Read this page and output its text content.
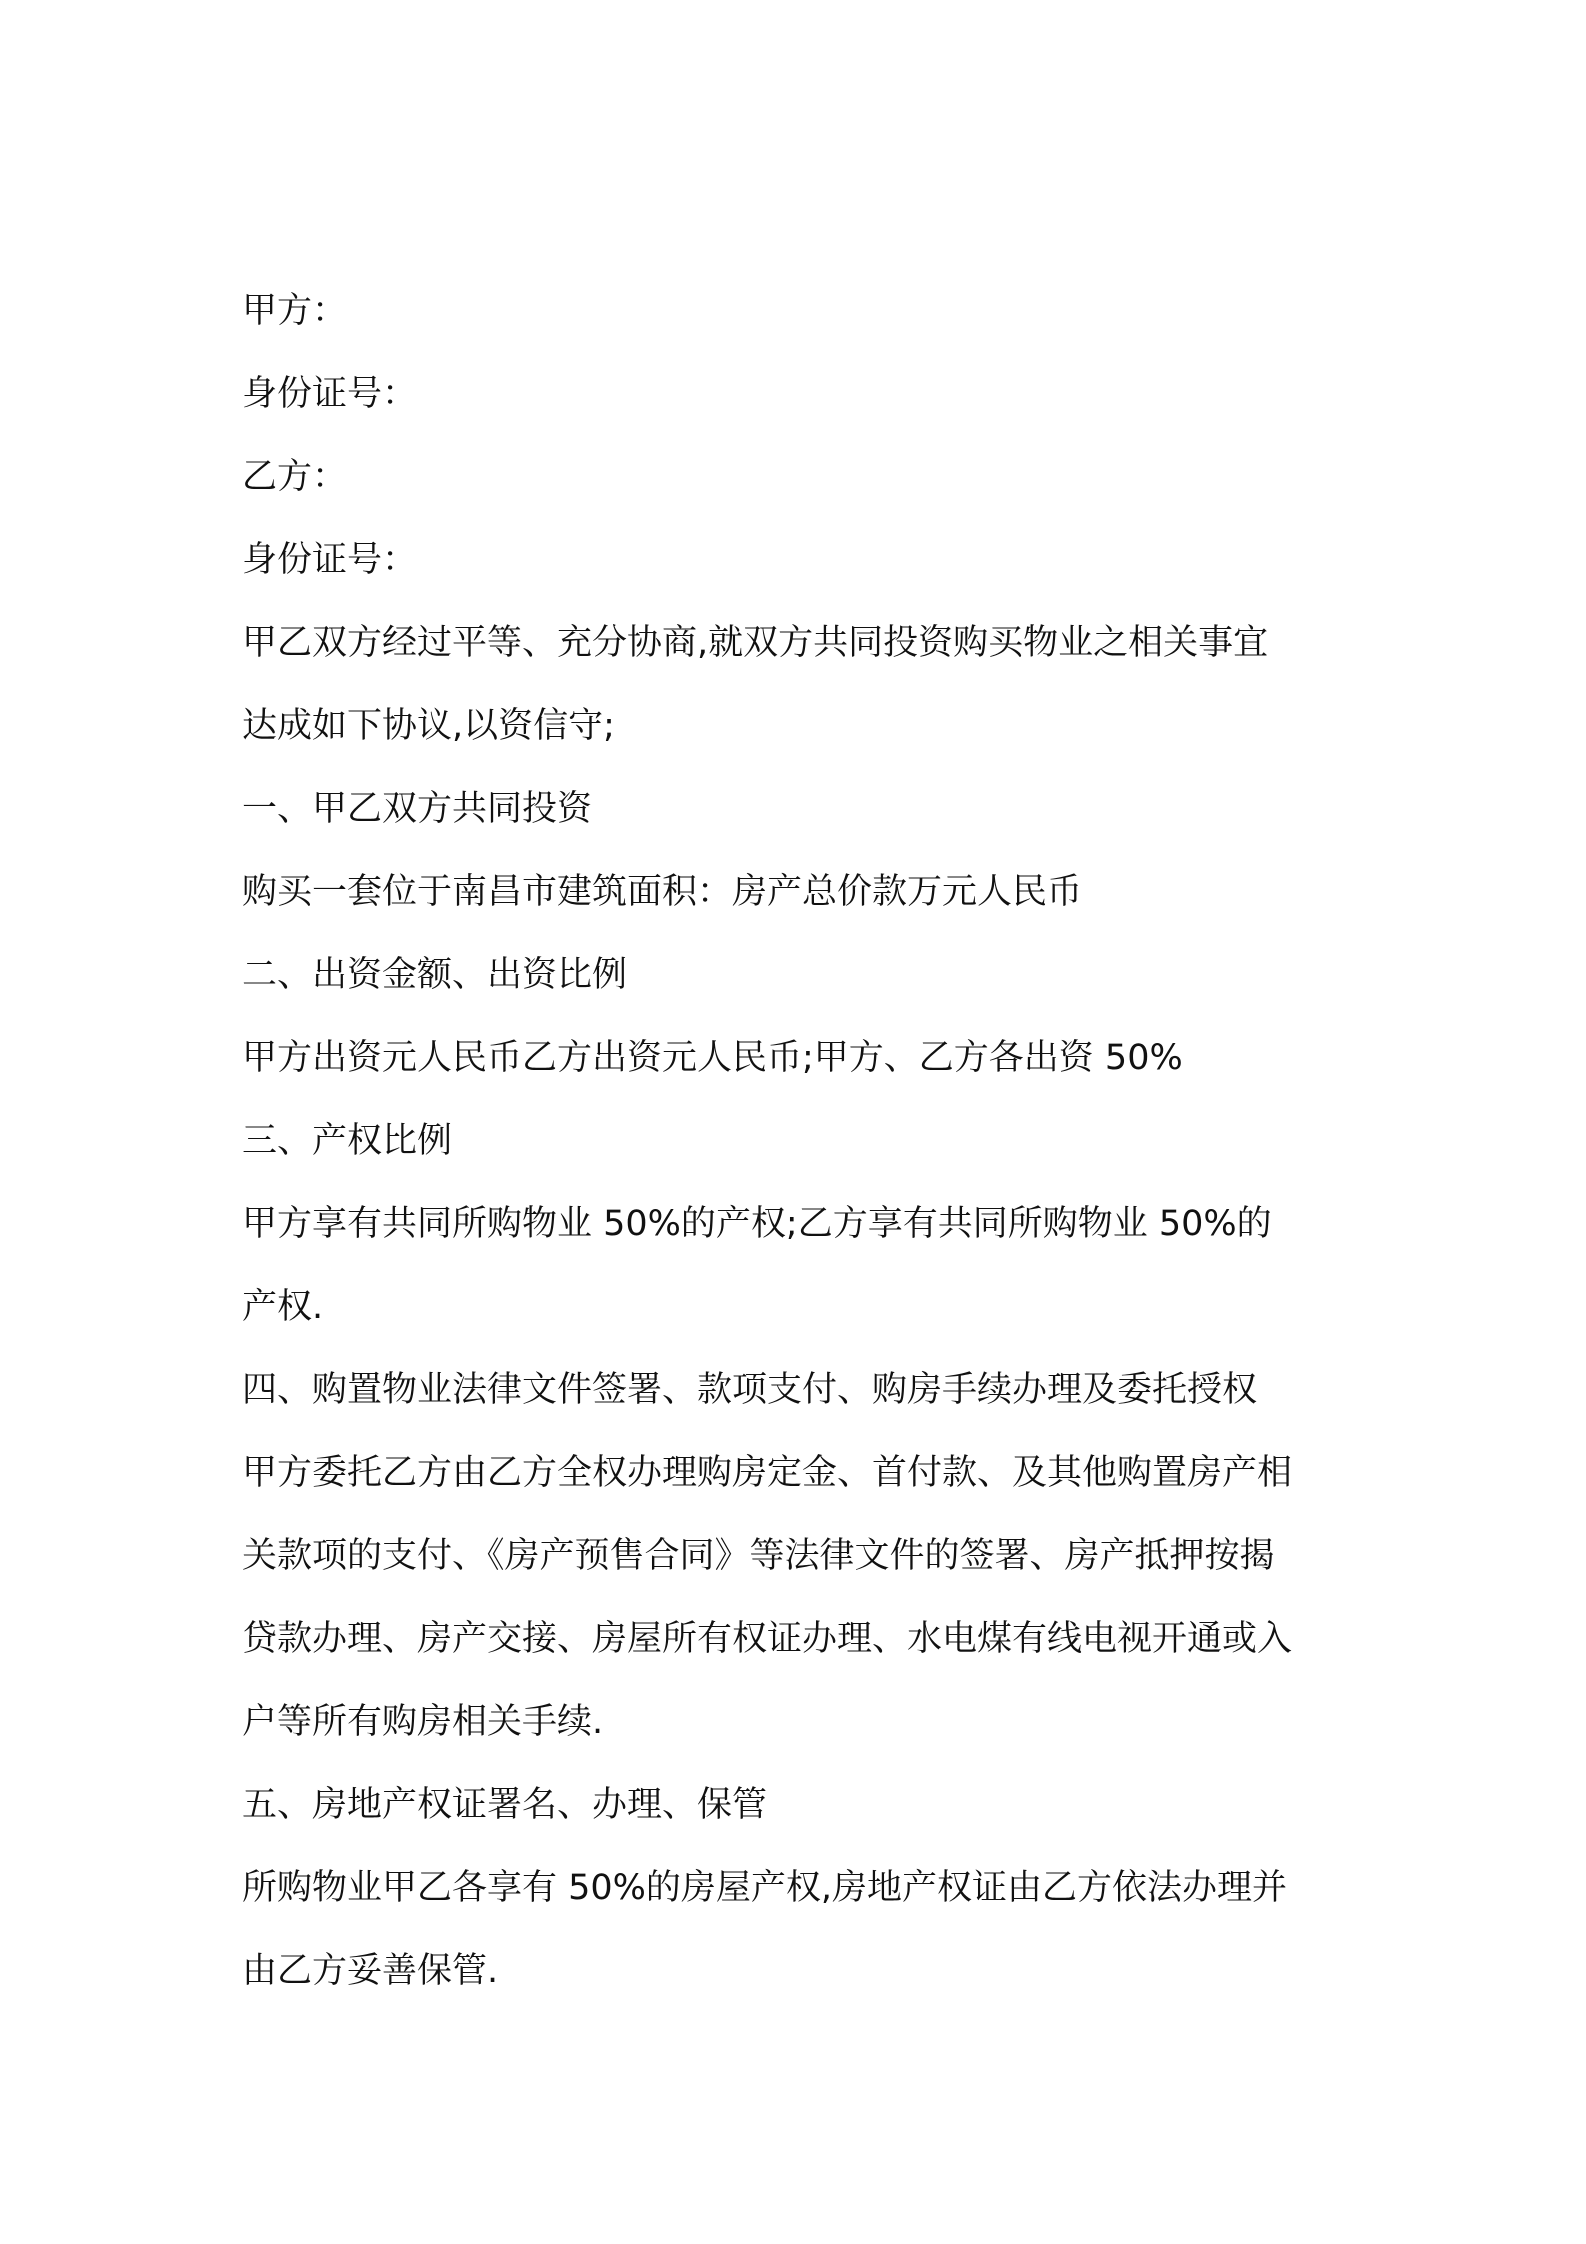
甲方：

身份证号：

乙方：

身份证号：

甲乙双方经过平等、充分协商,就双方共同投资购买物业之相关事宜

达成如下协议,以资信守;

一、甲乙双方共同投资

购买一套位于南昌市建筑面积：房产总价款万元人民币

二、出资金额、出资比例

甲方出资元人民币乙方出资元人民币;甲方、乙方各出资 50%

三、产权比例

甲方享有共同所购物业 50%的产权;乙方享有共同所购物业 50%的

产权.

四、购置物业法律文件签署、款项支付、购房手续办理及委托授权

甲方委托乙方由乙方全权办理购房定金、首付款、及其他购置房产相

关款项的支付、《房产预售合同》等法律文件的签署、房产抵押按揭

贷款办理、房产交接、房屋所有权证办理、水电煤有线电视开通或入

户等所有购房相关手续.

五、房地产权证署名、办理、保管

所购物业甲乙各享有 50%的房屋产权,房地产权证由乙方依法办理并

由乙方妥善保管.
